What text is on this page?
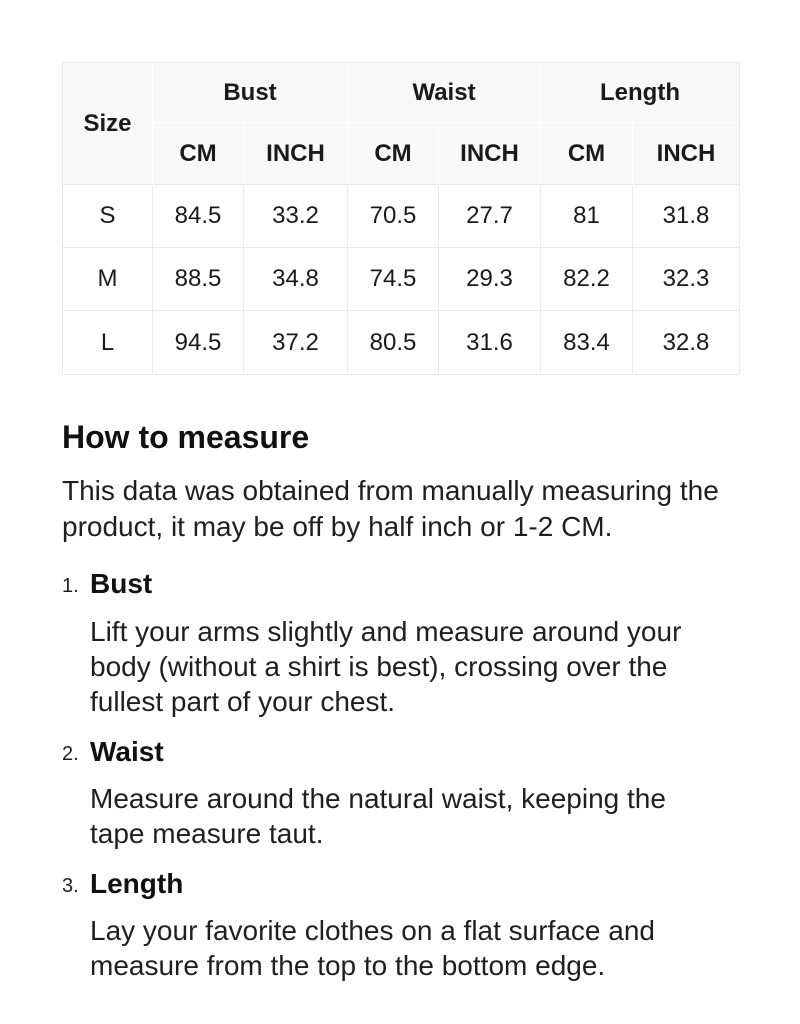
Size	Bust		Waist		Length	
	CM	INCH	CM	INCH	CM	INCH
S	84.5	33.2	70.5	27.7	81	31.8
M	88.5	34.8	74.5	29.3	82.2	32.3
L	94.5	37.2	80.5	31.6	83.4	32.8
How to measure

This data was obtained from manually measuring the product, it may be off by half inch or 1-2 CM.

1. Bust
Lift your arms slightly and measure around your body (without a shirt is best), crossing over the fullest part of your chest.
2. Waist
Measure around the natural waist, keeping the tape measure taut.
3. Length
Lay your favorite clothes on a flat surface and measure from the top to the bottom edge.
